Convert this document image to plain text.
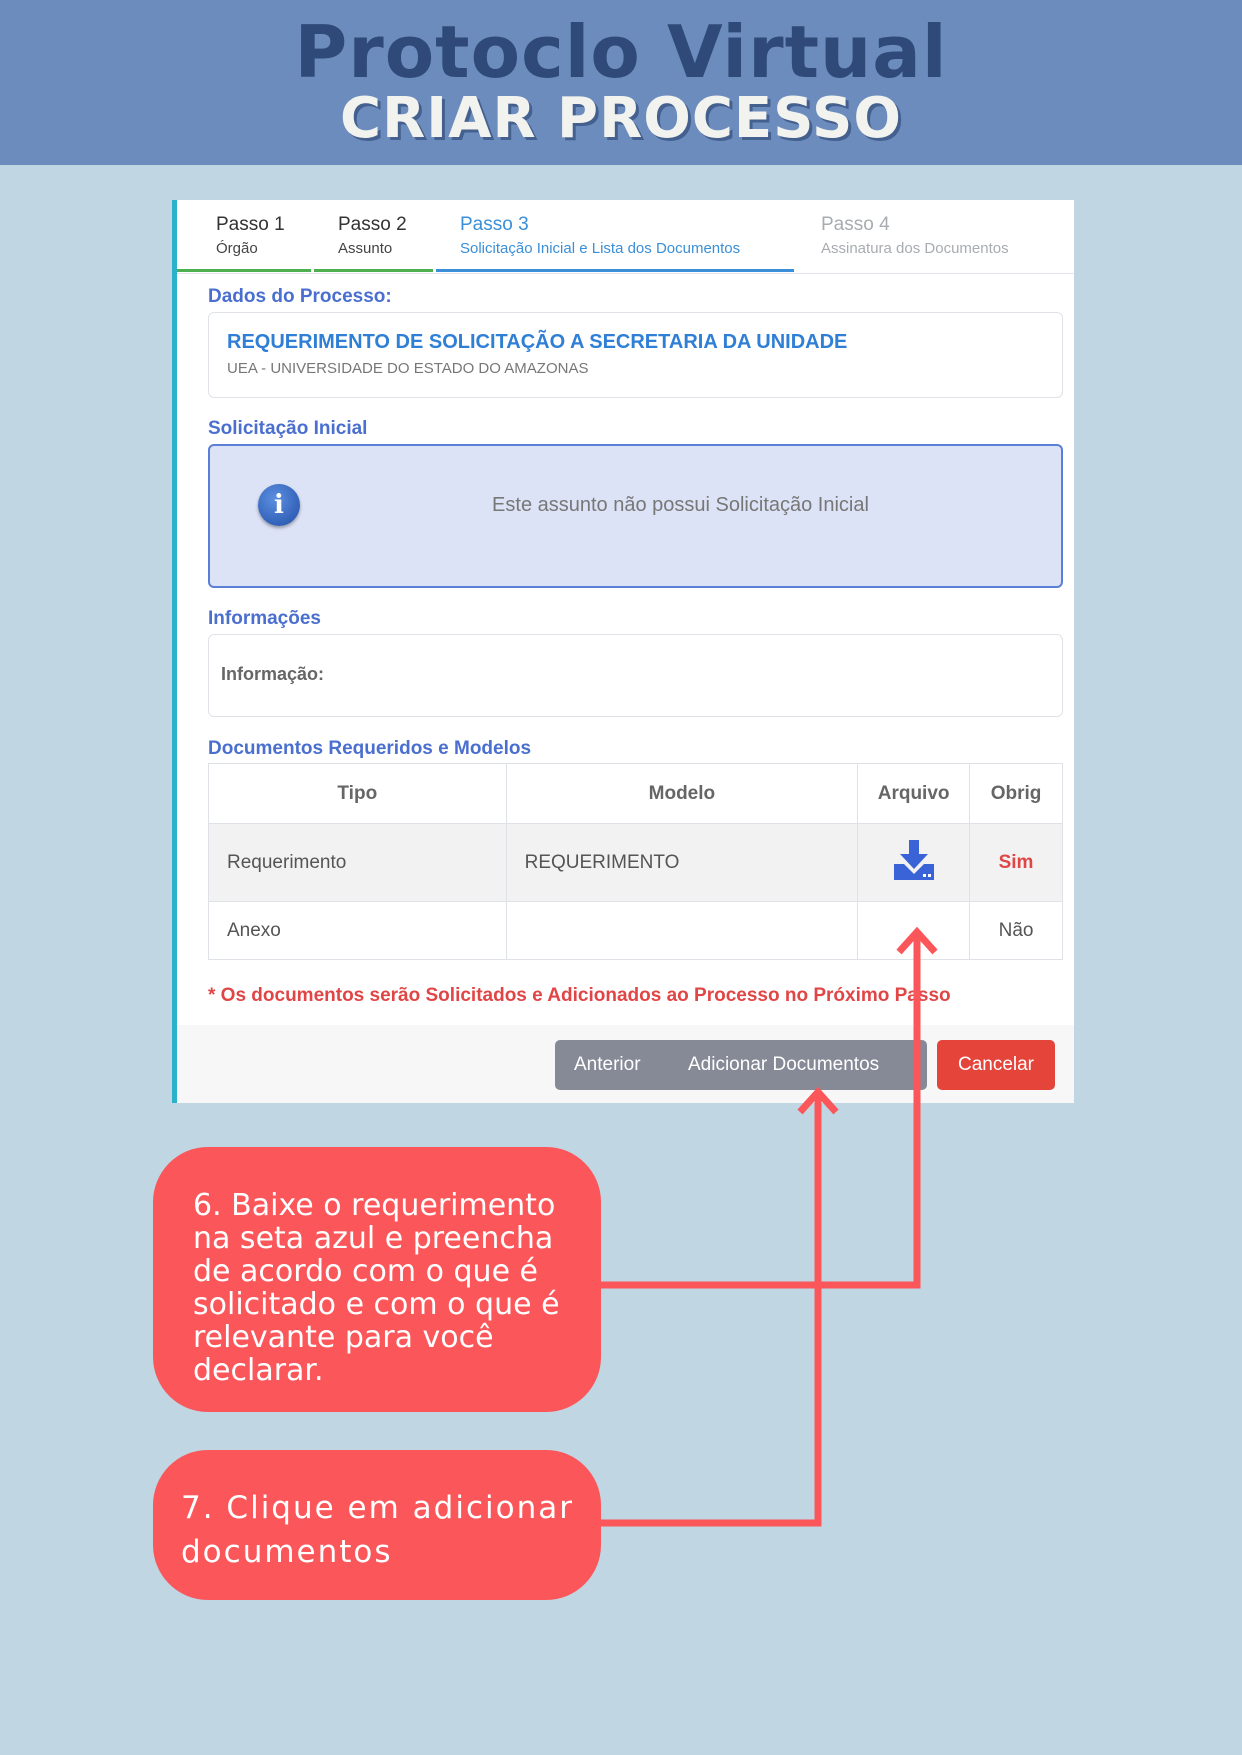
Protoclo Virtual
CRIAR PROCESSO
Passo 1
Órgão
Passo 2
Assunto
Passo 3
Solicitação Inicial e Lista dos Documentos
Passo 4
Assinatura dos Documentos
Dados do Processo:
REQUERIMENTO DE SOLICITAÇÃO A SECRETARIA DA UNIDADE
UEA - UNIVERSIDADE DO ESTADO DO AMAZONAS
Solicitação Inicial
i	Este assunto não possui Solicitação Inicial
Informações
Informação:
Documentos Requeridos e Modelos
Tipo	Modelo	Arquivo	Obrig
Requerimento	REQUERIMENTO		Sim
Anexo			Não
* Os documentos serão Solicitados e Adicionados ao Processo no Próximo Passo
Anterior Adicionar Documentos	Cancelar
6. Baixe o requerimento na seta azul e preencha de acordo com o que é solicitado e com o que é relevante para você declarar.
7. Clique em adicionar documentos
